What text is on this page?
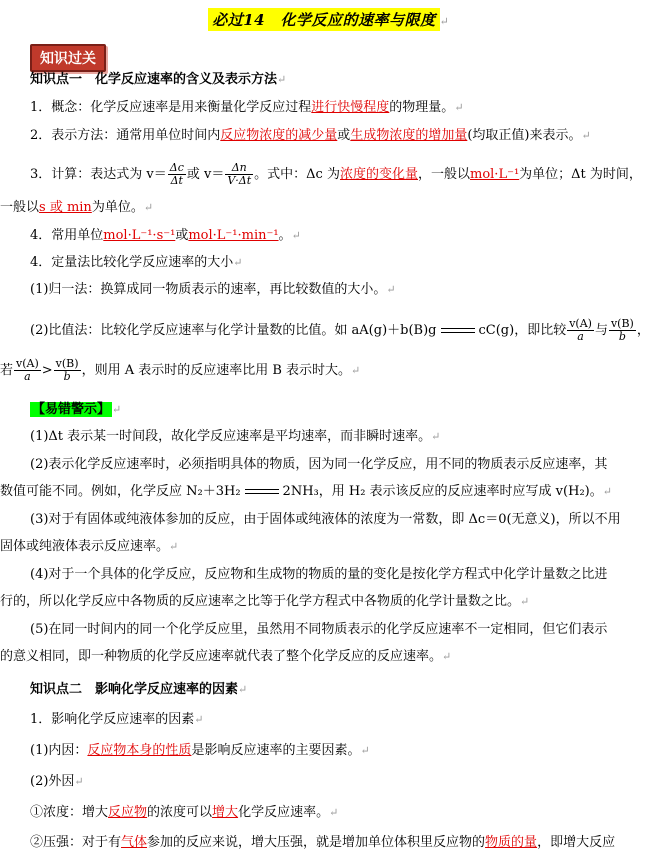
必过14　化学反应的速率与限度 ↵
知识过关
知识点一　化学反应速率的含义及表示方法↵
1．概念：化学反应速率是用来衡量化学反应过程进行快慢程度的物理量。↵
2．表示方法：通常用单位时间内反应物浓度的减少量或生成物浓度的增加量(均取正值)来表示。↵
3．计算：表达式为 $v= \frac{\Delta c}{\Delta t}$ 或 $v= \frac{\Delta n}{V\cdot\Delta t}$ 。式中：Δc 为浓度的变化量，一般以mol·L⁻¹为单位；Δt 为时间，
一般以s 或 min为单位。↵
4．常用单位mol·L⁻¹·s⁻¹或mol·L⁻¹·min⁻¹。↵
4．定量法比较化学反应速率的大小↵
(1)归一法：换算成同一物质表示的速率，再比较数值的大小。↵
(2)比值法：比较化学反应速率与化学计量数的比值。如 aA(g)＋b(B)g	cC(g)，即比较 $\frac{v(A)}{a}$ 与 $\frac{v(B)}{b}$ ，
若 $\frac{v(A)}{a} > \frac{v(B)}{b}$ ，则用 A 表示时的反应速率比用 B 表示时大。↵
【易错警示】 ↵
(1)Δt 表示某一时间段，故化学反应速率是平均速率，而非瞬时速率。↵
(2)表示化学反应速率时，必须指明具体的物质，因为同一化学反应，用不同的物质表示反应速率，其
数值可能不同。例如，化学反应 N₂＋3H₂	2NH₃，用 H₂ 表示该反应的反应速率时应写成 v(H₂)。↵
(3)对于有固体或纯液体参加的反应，由于固体或纯液体的浓度为一常数，即 Δc＝0(无意义)，所以不用
固体或纯液体表示反应速率。↵
(4)对于一个具体的化学反应，反应物和生成物的物质的量的变化是按化学方程式中化学计量数之比进
行的，所以化学反应中各物质的反应速率之比等于化学方程式中各物质的化学计量数之比。↵
(5)在同一时间内的同一个化学反应里，虽然用不同物质表示的化学反应速率不一定相同，但它们表示
的意义相同，即一种物质的化学反应速率就代表了整个化学反应的反应速率。↵
知识点二　影响化学反应速率的因素↵
1．影响化学反应速率的因素↵
(1)内因：反应物本身的性质是影响反应速率的主要因素。↵
(2)外因↵
①浓度：增大反应物的浓度可以增大化学反应速率。↵
②压强：对于有气体参加的反应来说，增大压强，就是增加单位体积里反应物的物质的量，即增大反应
